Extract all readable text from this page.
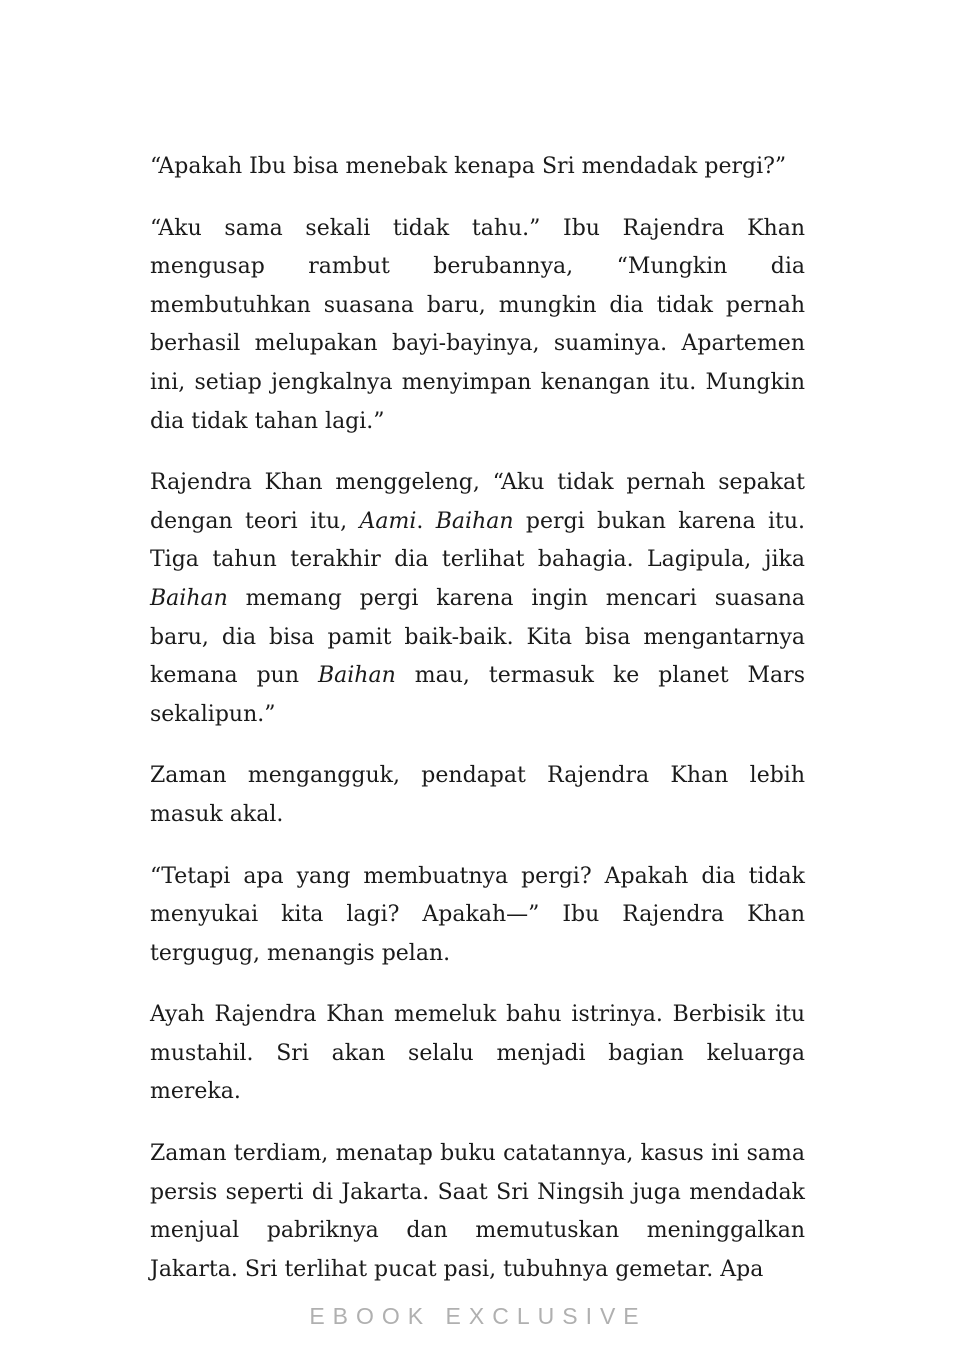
“Apakah Ibu bisa menebak kenapa Sri mendadak pergi?”

“Aku sama sekali tidak tahu.” Ibu Rajendra Khan mengusap rambut berubannya, “Mungkin dia membutuhkan suasana baru, mungkin dia tidak pernah berhasil melupakan bayi-bayinya, suaminya. Apartemen ini, setiap jengkalnya menyimpan kenangan itu. Mungkin dia tidak tahan lagi.”

Rajendra Khan menggeleng, “Aku tidak pernah sepakat dengan teori itu, Aami. Baihan pergi bukan karena itu. Tiga tahun terakhir dia terlihat bahagia. Lagipula, jika Baihan memang pergi karena ingin mencari suasana baru, dia bisa pamit baik-baik. Kita bisa mengantarnya kemana pun Baihan mau, termasuk ke planet Mars sekalipun.”

Zaman mengangguk, pendapat Rajendra Khan lebih masuk akal.

“Tetapi apa yang membuatnya pergi? Apakah dia tidak menyukai kita lagi? Apakah—” Ibu Rajendra Khan tergugug, menangis pelan.

Ayah Rajendra Khan memeluk bahu istrinya. Berbisik itu mustahil. Sri akan selalu menjadi bagian keluarga mereka.

Zaman terdiam, menatap buku catatannya, kasus ini sama persis seperti di Jakarta. Saat Sri Ningsih juga mendadak menjual pabriknya dan memutuskan meninggalkan Jakarta. Sri terlihat pucat pasi, tubuhnya gemetar. Apa

EBOOK EXCLUSIVE
